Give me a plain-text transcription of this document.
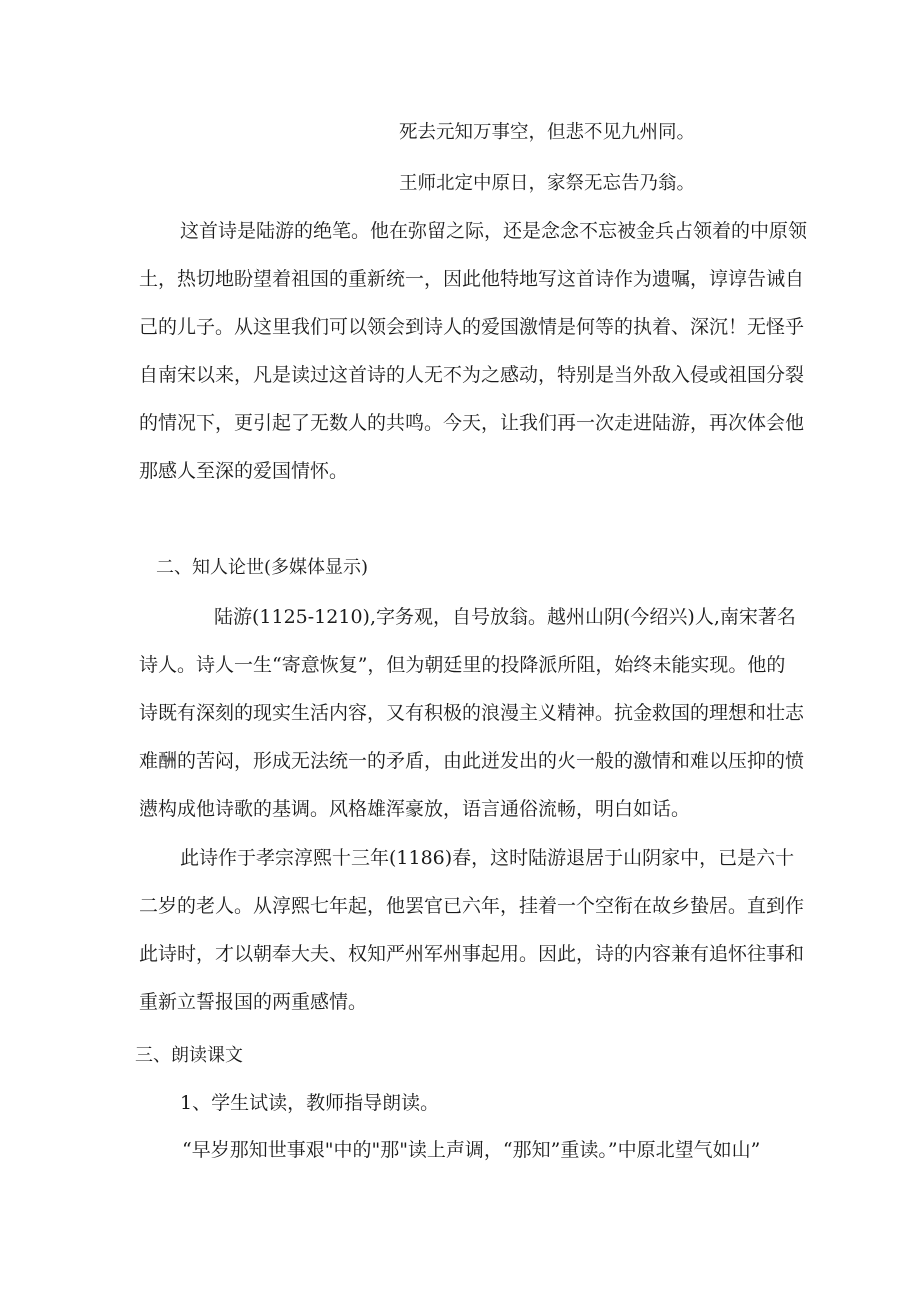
死去元知万事空，但悲不见九州同。

王师北定中原日，家祭无忘告乃翁。

这首诗是陆游的绝笔。他在弥留之际，还是念念不忘被金兵占领着的中原领

土，热切地盼望着祖国的重新统一，因此他特地写这首诗作为遗嘱，谆谆告诫自

己的儿子。从这里我们可以领会到诗人的爱国激情是何等的执着、深沉！无怪乎

自南宋以来，凡是读过这首诗的人无不为之感动，特别是当外敌入侵或祖国分裂

的情况下，更引起了无数人的共鸣。今天，让我们再一次走进陆游，再次体会他

那感人至深的爱国情怀。

二、知人论世(多媒体显示)

陆游(1125-1210),字务观，自号放翁。越州山阴(今绍兴)人,南宋著名

诗人。诗人一生“寄意恢复”，但为朝廷里的投降派所阻，始终未能实现。他的

诗既有深刻的现实生活内容，又有积极的浪漫主义精神。抗金救国的理想和壮志

难酬的苦闷，形成无法统一的矛盾，由此迸发出的火一般的激情和难以压抑的愤

懑构成他诗歌的基调。风格雄浑豪放，语言通俗流畅，明白如话。

此诗作于孝宗淳熙十三年(1186)春，这时陆游退居于山阴家中，已是六十

二岁的老人。从淳熙七年起，他罢官已六年，挂着一个空衔在故乡蛰居。直到作

此诗时，才以朝奉大夫、权知严州军州事起用。因此，诗的内容兼有追怀往事和

重新立誓报国的两重感情。

三、朗读课文

1、学生试读，教师指导朗读。

“早岁那知世事艰"中的"那"读上声调，“那知”重读。”中原北望气如山”
